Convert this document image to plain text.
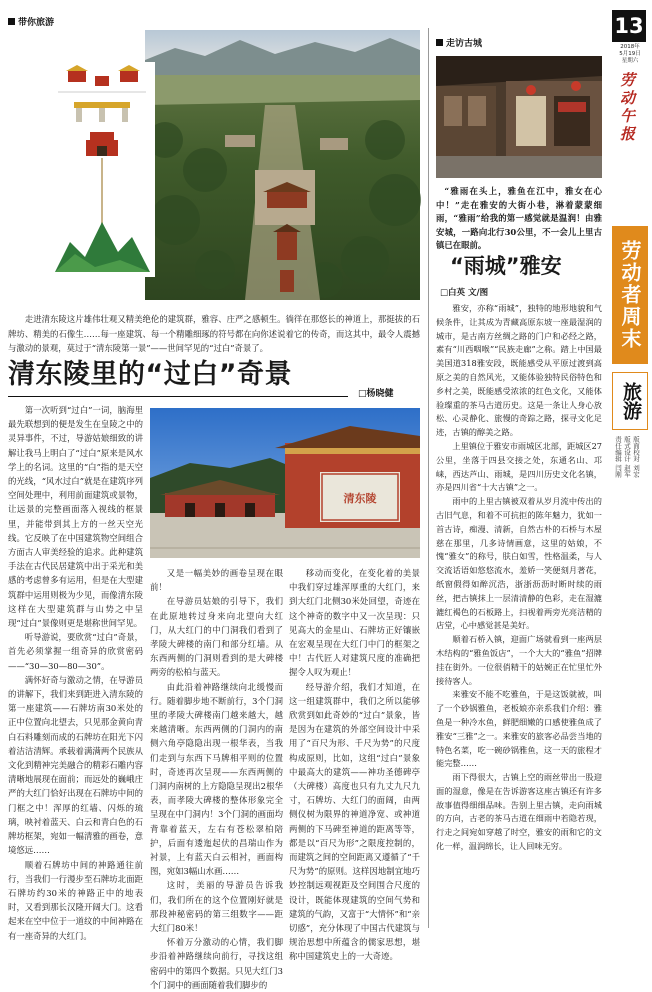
带你旅游
走进清东陵这片雄伟壮观又精美绝伦的建筑群，雅容、庄严之感顿生。徜徉在那悠长的神道上，那挺拔的石牌坊、精美的石像生……每一座建筑、每一个精雕细琢的符号都在向你述说着它的传奇，而这其中，最令人震撼与激动的景观，莫过于“清东陵第一景”——世间罕见的“过白”奇景了。
清东陵里的“过白”奇景
□杨晓健

第一次听到“过白”一词，脑海里最先联想到的便是发生在皇陵之中的灵异事件，不过，导游姑娘细致的讲解让我马上明白了“过白”原来是风水学上的名词。这里的“白”指的是天空的光线，“风水过白”就是在建筑序列空间处理中，利用前面建筑或景物，让远景的完整画面落入视线的框景里，并能带到其上方的一丝天空光线。它反映了在中国建筑物空间组合方面古人审美经验的追求。此种建筑手法在古代民居建筑中出于采光和美感的考虑曾多有运用，但是在大型建筑群中运用则极为少见，而像清东陵这样在大型建筑群与山势之中呈现“过白”景像则更是堪称世间罕见。

听导游说，要欣赏“过白”奇景，首先必须掌握一组奇异的欣赏密码——“30—30—80—30”。

满怀好奇与激动之情，在导游员的讲解下，我们来到距进入清东陵的第一座建筑——石牌坊南30米处的正中位置向北望去，只见那金黄向青白石料雕刻而成的石牌坊在阳光下闪着洁洁清辉。承载着满满两个民族从文化到精神完美融合的精彩石雕内容清晰地展现在面前；而远处的巍峨庄严的大红门恰好出现在石牌坊中间的门框之中！浑厚的红墙、闪烁的琉璃，映衬着蓝天、白云和青白色的石牌坊框架，宛如一幅清雅的画卷，意境悠远……

顺着石牌坊中间的神路通往前行，当我们一行漫步至石牌坊北面距石牌坊约30米的神路正中的地表时，又看到那长汉隆开阔大门。这看起来在空中位于一道纹的中间神路在有一座奇异的大红门。

清东陵

又是一幅美妙的画卷呈现在眼前！

在导游员姑娘的引导下，我们在此原地转过身来向北望向大红门，从大红门的中门洞我们看到了孝陵大碑楼的南门和部分红墙。从东西两侧的门洞则看到的是大碑楼两旁的松柏与蓝天。

由此沿着神路继续向北缓慢而行。随着脚步地不断前行，3个门洞里的孝陵大碑楼南门越来越大，越来越清晰。东西两侧的门洞内的南侧六角亭隐隐出现一根华表，当我们走到与东西下马牌相平则的位置时，奇迹再次呈现——东西两侧的门洞内南树的上方隐隐呈现出2根华表，而孝陵大碑楼的整体形象完全呈现在中门洞内！3个门洞的画面均背靠着蓝天，左右有苍松翠柏陪护，后面有逶迤起伏的昌瑞山作为衬景，上有蓝天白云相衬，画面构图，宛如3幅山水画……

这时，美丽的导游员告诉我们，我们所在的这个位置刚好就是那段神秘密码的第三组数字——距大红门80米！

怀着万分激动的心情，我们脚步沿着神路继续向前行，寻找这组密码中的第四个数据。只见大红门3个门洞中的画面随着我们脚步的

移动而变化，在变化着的美景中我们穿过雄浑厚重的大红门，来到大红门北侧30米处回望，奇迹在这个神奇的数字中又一次呈现：只见高大的金星山、石牌坊正好镶嵌在宏观呈现在大红门中门的框架之中！古代匠人对建筑尺度的准确把握令人叹为观止！

经导游介绍，我们才知道，在这一组建筑群中，我们之所以能够欣赏到如此奇妙的“过白”景象，皆是因为在建筑的外部空间设计中采用了“百尺为形、千尺为势”的尺度构成原则，比如，这组“过白”景象中最高大的建筑——神功圣德碑亭（大碑楼）高度也只有九丈九尺九寸，石牌坊、大红门的面阔，由两侧仪树为限界的神道净宽、或神道两侧的下马碑至神道的距离等等，都是以“百尺为形”之限度控制的，而建筑之间的空间距离又遵循了“千尺为势”的原则。这样因地制宜地巧妙控制远观视距及空间围合尺度的设计，既能体现建筑的空间气势和建筑的气韵，又富于“大情怀”和“亲切感”，充分体现了中国古代建筑与规治思想中所蕴含的儒家思想，堪称中国建筑史上的一大奇迹。

走访古城
“雅雨在头上，雅鱼在江中，雅女在心中！”走在雅安的大街小巷，淋着蒙蒙细雨，“雅雨”给我的第一感觉就是温润！由雅安城，一路向北行30公里，不一会儿上里古镇已在眼前。
“雨城”雅安
□白英 文/图

雅安，亦称“雨城”，独特的地形地貌和气候条件，让其成为青藏高原东坡一座最湿润的城市，是古南方丝绸之路的门户和必经之路，素有“川西咽喉”“民族走廊”之称。踏上中国最美国道318雅安段，既能感受从平原过渡到高原之美的自然风光，又能体验独特民俗特色和乡村之美，既能感受浓浓的红色文化，又能体验璨重的茶马古道历史。这是一条让人身心放松、心灵静化、旅慢的奇踪之路，探寻文化足迹，古镇的醇美之路。

上里镇位于雅安市雨城区北部，距城区27公里，坐落于四县交接之处，东通名山、邛崃，西达芦山、雨城，是四川历史文化名镇，亦是四川省“十大古镇”之一。

雨中的上里古镇被双着从岁月流中传出的古旧气息，和着不可抗拒的陈年魅力，犹如一首古诗，痴漫、清新，自然古朴的石桥与木屋慈在那里，几多诗情画意，这里的姑娘，不愧“雅女”的称号，肤白如雪，性格温柔，与人交流话语如悠悠流水，羞娇一笑便刻月著花，纸窗假得如醉沉浩，浙浙沥沥时断时续的雨丝，把古镇抹上一层清清静的色彩，走在湿漉漉红褐色的石板路上，扫视着两旁光亮洁精的店堂，心中感觉甚是美好。

顺着石桥入镇，迎面广场就看到一座两层木结构的“雅鱼饭店”，一个大大的“雅鱼”招牌挂在街外。一位很俏精干的姑婉正在忙里忙外接待客人。

来雅安不能不吃雅鱼，于是这饭就被，叫了一个砂锅雅鱼，老板娘亦亲系我们介绍：雅鱼是一种冷水鱼，鲜肥细嫩的口感使雅鱼成了雅安“三雅”之一。来雅安的旅客必品尝当地的特色名菜，吃一碗砂锅雅鱼，这一天的旅程才能完整……

雨下得很大，古镇上空的雨丝带出一股迎面的湿意，像是在告诉游客这座古镇还有许多故事值得细细品味。告别上里古镇，走向雨城的方向，古老的茶马古道在细雨中若隐若现，行走之间宛如穿越了时空，雅安的雨和它的文化一样，温润绵长，让人回味无穷。

13
2018年
5月19日
星期六
劳动午报
劳动者周末
旅游
责任编辑 闫刚 版式设计 赵军 版面校对 刘宏
